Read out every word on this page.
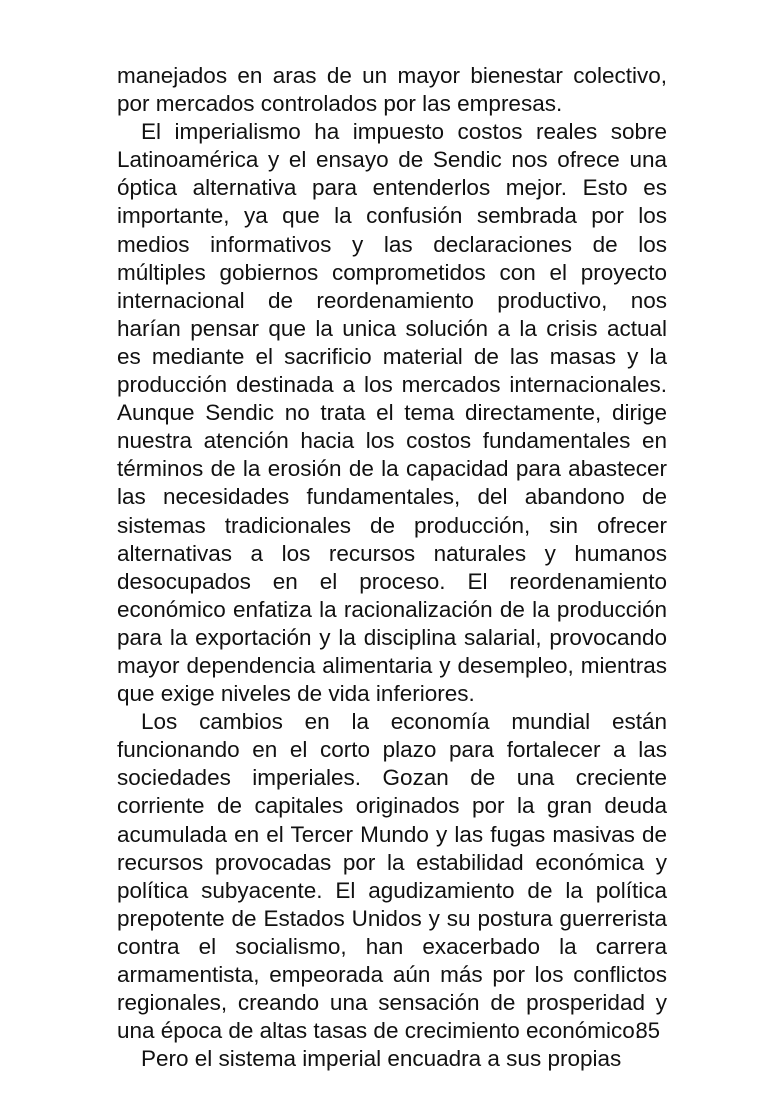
manejados en aras de un mayor bienestar colectivo, por mercados controlados por las empresas.

El imperialismo ha impuesto costos reales sobre Latinoamérica y el ensayo de Sendic nos ofrece una óptica alternativa para entenderlos mejor. Esto es importante, ya que la confusión sembrada por los medios informativos y las declaraciones de los múltiples gobiernos comprometidos con el proyecto internacional de reordenamiento productivo, nos harían pensar que la unica solución a la crisis actual es mediante el sacrificio material de las masas y la producción destinada a los mercados internacionales. Aunque Sendic no trata el tema directamente, dirige nuestra atención hacia los costos fundamentales en términos de la erosión de la capacidad para abastecer las necesidades fundamentales, del abandono de sistemas tradicionales de producción, sin ofrecer alternativas a los recursos naturales y humanos desocupados en el proceso. El reordenamiento económico enfatiza la racionalización de la producción para la exportación y la disciplina salarial, provocando mayor dependencia alimentaria y desempleo, mientras que exige niveles de vida inferiores.

Los cambios en la economía mundial están funcionando en el corto plazo para fortalecer a las sociedades imperiales. Gozan de una creciente corriente de capitales originados por la gran deuda acumulada en el Tercer Mundo y las fugas masivas de recursos provocadas por la estabilidad económica y política subyacente. El agudizamiento de la política prepotente de Estados Unidos y su postura guerrerista contra el socialismo, han exacerbado la carrera armamentista, empeorada aún más por los conflictos regionales, creando una sensación de prosperidad y una época de altas tasas de crecimiento económico.

Pero el sistema imperial encuadra a sus propias

85
